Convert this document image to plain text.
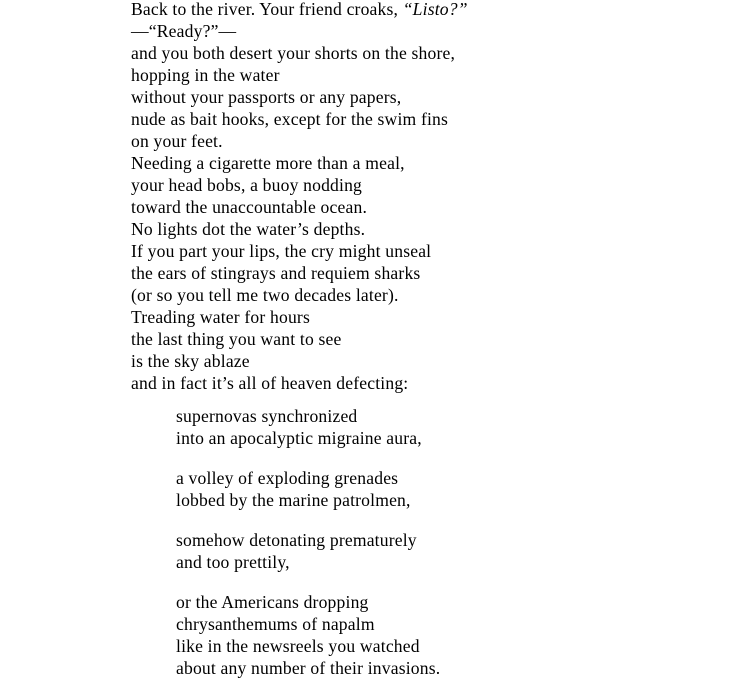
Back to the river. Your friend croaks, “Listo?”
—“Ready?”—
and you both desert your shorts on the shore,
hopping in the water
without your passports or any papers,
nude as bait hooks, except for the swim fins
on your feet.
Needing a cigarette more than a meal,
your head bobs, a buoy nodding
toward the unaccountable ocean.
No lights dot the water’s depths.
If you part your lips, the cry might unseal
the ears of stingrays and requiem sharks
(or so you tell me two decades later).
Treading water for hours
the last thing you want to see
is the sky ablaze
and in fact it’s all of heaven defecting:
supernovas synchronized
into an apocalyptic migraine aura,
a volley of exploding grenades
lobbed by the marine patrolmen,
somehow detonating prematurely
and too prettily,
or the Americans dropping
chrysanthemums of napalm
like in the newsreels you watched
about any number of their invasions.
